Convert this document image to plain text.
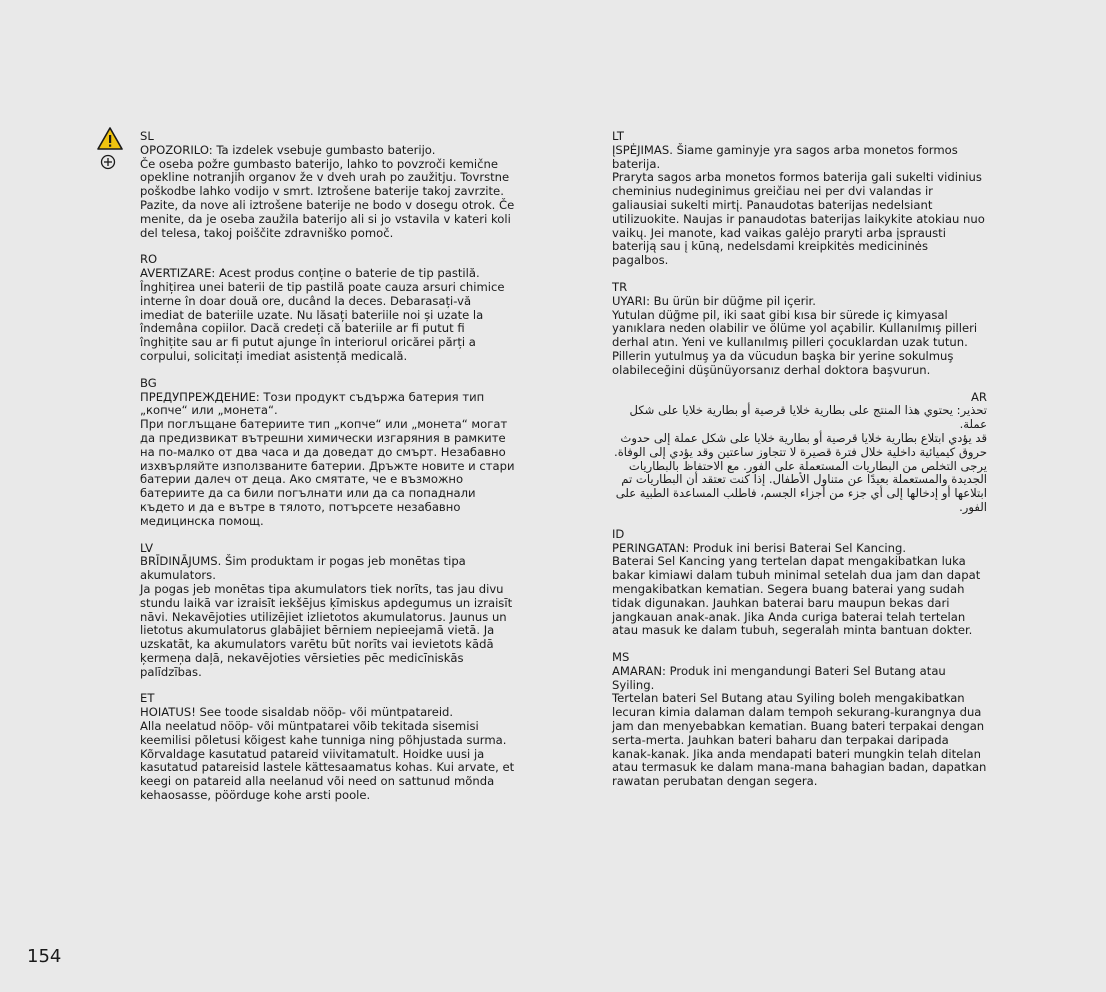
SL
OPOZORILO: Ta izdelek vsebuje gumbasto baterijo.
Če oseba požre gumbasto baterijo, lahko to povzroči kemične opekline notranjih organov že v dveh urah po zaužitju. Tovrstne poškodbe lahko vodijo v smrt. Iztrošene baterije takoj zavrzite. Pazite, da nove ali iztrošene baterije ne bodo v dosegu otrok. Če menite, da je oseba zaužila baterijo ali si jo vstavila v kateri koli del telesa, takoj poiščite zdravniško pomoč.
RO
AVERTIZARE: Acest produs conține o baterie de tip pastilă.
Înghițirea unei baterii de tip pastilă poate cauza arsuri chimice interne în doar două ore, ducând la deces. Debarasați-vă imediat de bateriile uzate. Nu lăsați bateriile noi și uzate la îndemâna copiilor. Dacă credeți că bateriile ar fi putut fi înghițite sau ar fi putut ajunge în interiorul oricărei părți a corpului, solicitați imediat asistență medicală.
BG
ПРЕДУПРЕЖДЕНИЕ: Този продукт съдържа батерия тип „копче“ или „монета“.
При поглъщане батериите тип „копче“ или „монета“ могат да предизвикат вътрешни химически изгаряния в рамките на по-малко от два часа и да доведат до смърт. Незабавно изхвърляйте използваните батерии. Дръжте новите и стари батерии далеч от деца. Ако смятате, че е възможно батериите да са били погълнати или да са попаднали където и да е вътре в тялото, потърсете незабавно медицинска помощ.
LV
BRĪDINĀJUMS. Šim produktam ir pogas jeb monētas tipa akumulators.
Ja pogas jeb monētas tipa akumulators tiek norīts, tas jau divu stundu laikā var izraisīt iekšējus ķīmiskus apdegumus un izraisīt nāvi. Nekavējoties utilizējiet izlietotos akumulatorus. Jaunus un lietotus akumulatorus glabājiet bērniem nepieejamā vietā. Ja uzskatāt, ka akumulators varētu būt norīts vai ievietots kādā ķermeņa daļā, nekavējoties vērsieties pēc medicīniskās palīdzības.
ET
HOIATUS! See toode sisaldab nööp- või müntpatareid.
Alla neelatud nööp- või müntpatarei võib tekitada sisemisi keemilisi põletusi kõigest kahe tunniga ning põhjustada surma. Kõrvaldage kasutatud patareid viivitamatult. Hoidke uusi ja kasutatud patareisid lastele kättesaamatus kohas. Kui arvate, et keegi on patareid alla neelanud või need on sattunud mõnda kehaosasse, pöörduge kohe arsti poole.
LT
ĮSPĖJIMAS. Šiame gaminyje yra sagos arba monetos formos baterija.
Praryta sagos arba monetos formos baterija gali sukelti vidinius cheminius nudeginimus greičiau nei per dvi valandas ir galiausiai sukelti mirtį. Panaudotas baterijas nedelsiant utilizuokite. Naujas ir panaudotas baterijas laikykite atokiau nuo vaikų. Jei manote, kad vaikas galėjo praryti arba įsprausti bateriją sau į kūną, nedelsdami kreipkitės medicininės pagalbos.
TR
UYARI: Bu ürün bir düğme pil içerir.
Yutulan düğme pil, iki saat gibi kısa bir sürede iç kimyasal yanıklara neden olabilir ve ölüme yol açabilir. Kullanılmış pilleri derhal atın. Yeni ve kullanılmış pilleri çocuklardan uzak tutun. Pillerin yutulmuş ya da vücudun başka bir yerine sokulmuş olabileceğini düşünüyorsanız derhal doktora başvurun.
AR
تحذير: يحتوي هذا المنتج على بطارية خلايا قرصية أو بطارية خلايا على شكل عملة.
قد يؤدي ابتلاع بطارية خلايا قرصية أو بطارية خلايا على شكل عملة إلى حدوث حروق كيميائية داخلية خلال فترة قصيرة لا تتجاوز ساعتين وقد يؤدي إلى الوفاة. يرجى التخلص من البطاريات المستعملة على الفور. مع الاحتفاظ بالبطاريات الجديدة والمستعملة بعيدًا عن متناول الأطفال. إذا كنت تعتقد أن البطاريات تم ابتلاعها أو إدخالها إلى أي جزء من أجزاء الجسم، فاطلب المساعدة الطبية على الفور.
ID
PERINGATAN: Produk ini berisi Baterai Sel Kancing.
Baterai Sel Kancing yang tertelan dapat mengakibatkan luka bakar kimiawi dalam tubuh minimal setelah dua jam dan dapat mengakibatkan kematian. Segera buang baterai yang sudah tidak digunakan. Jauhkan baterai baru maupun bekas dari jangkauan anak-anak. Jika Anda curiga baterai telah tertelan atau masuk ke dalam tubuh, segeralah minta bantuan dokter.
MS
AMARAN: Produk ini mengandungi Bateri Sel Butang atau Syiling.
Tertelan bateri Sel Butang atau Syiling boleh mengakibatkan lecuran kimia dalaman dalam tempoh sekurang-kurangnya dua jam dan menyebabkan kematian. Buang bateri terpakai dengan serta-merta. Jauhkan bateri baharu dan terpakai daripada kanak-kanak. Jika anda mendapati bateri mungkin telah ditelan atau termasuk ke dalam mana-mana bahagian badan, dapatkan rawatan perubatan dengan segera.
154
